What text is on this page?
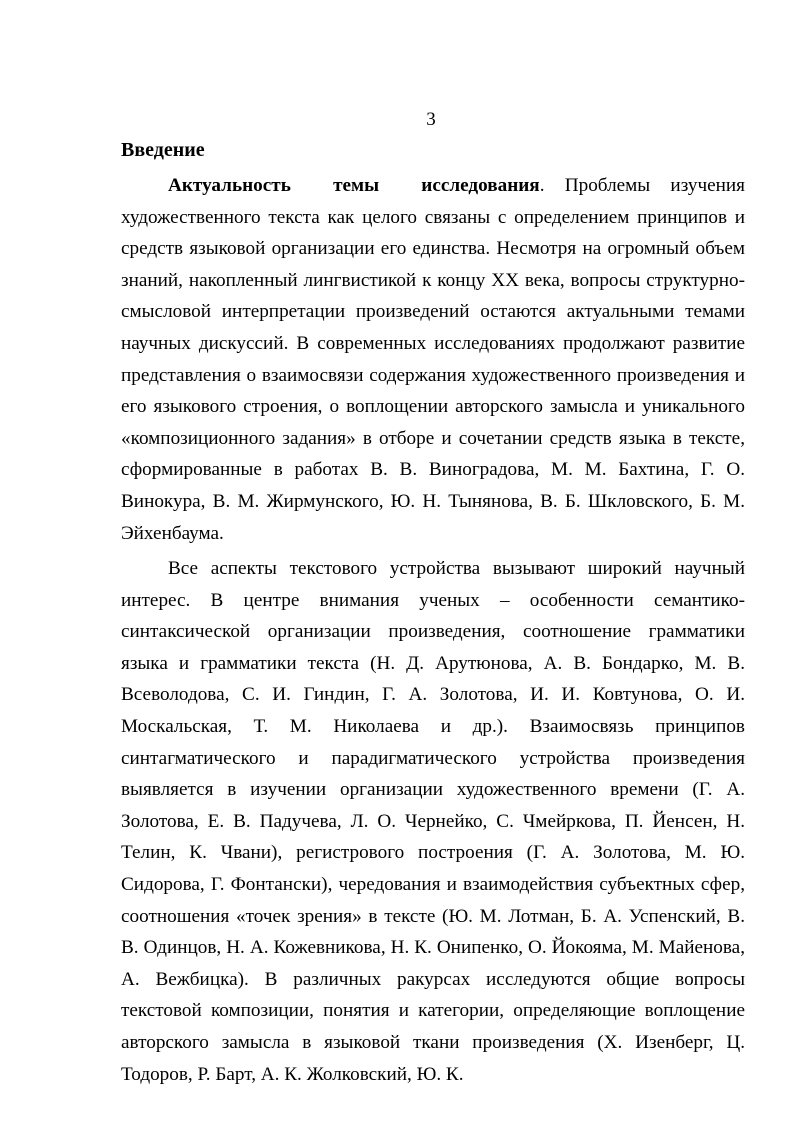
3
Введение

Актуальность темы исследования. Проблемы изучения художественного текста как целого связаны с определением принципов и средств языковой организации его единства. Несмотря на огромный объем знаний, накопленный лингвистикой к концу XX века, вопросы структурно-смысловой интерпретации произведений остаются актуальными темами научных дискуссий. В современных исследованиях продолжают развитие представления о взаимосвязи содержания художественного произведения и его языкового строения, о воплощении авторского замысла и уникального «композиционного задания» в отборе и сочетании средств языка в тексте, сформированные в работах В. В. Виноградова, М. М. Бахтина, Г. О. Винокура, В. М. Жирмунского, Ю. Н. Тынянова, В. Б. Шкловского, Б. М. Эйхенбаума.

Все аспекты текстового устройства вызывают широкий научный интерес. В центре внимания ученых – особенности семантико-синтаксической организации произведения, соотношение грамматики языка и грамматики текста (Н. Д. Арутюнова, А. В. Бондарко, М. В. Всеволодова, С. И. Гиндин, Г. А. Золотова, И. И. Ковтунова, О. И. Москальская, Т. М. Николаева и др.). Взаимосвязь принципов синтагматического и парадигматического устройства произведения выявляется в изучении организации художественного времени (Г. А. Золотова, Е. В. Падучева, Л. О. Чернейко, С. Чмейркова, П. Йенсен, Н. Телин, К. Чвани), регистрового построения (Г. А. Золотова, М. Ю. Сидорова, Г. Фонтански), чередования и взаимодействия субъектных сфер, соотношения «точек зрения» в тексте (Ю. М. Лотман, Б. А. Успенский, В. В. Одинцов, Н. А. Кожевникова, Н. К. Онипенко, О. Йокояма, М. Майенова, А. Вежбицка). В различных ракурсах исследуются общие вопросы текстовой композиции, понятия и категории, определяющие воплощение авторского замысла в языковой ткани произведения (Х. Изенберг, Ц. Тодоров, Р. Барт, А. К. Жолковский, Ю. К.
